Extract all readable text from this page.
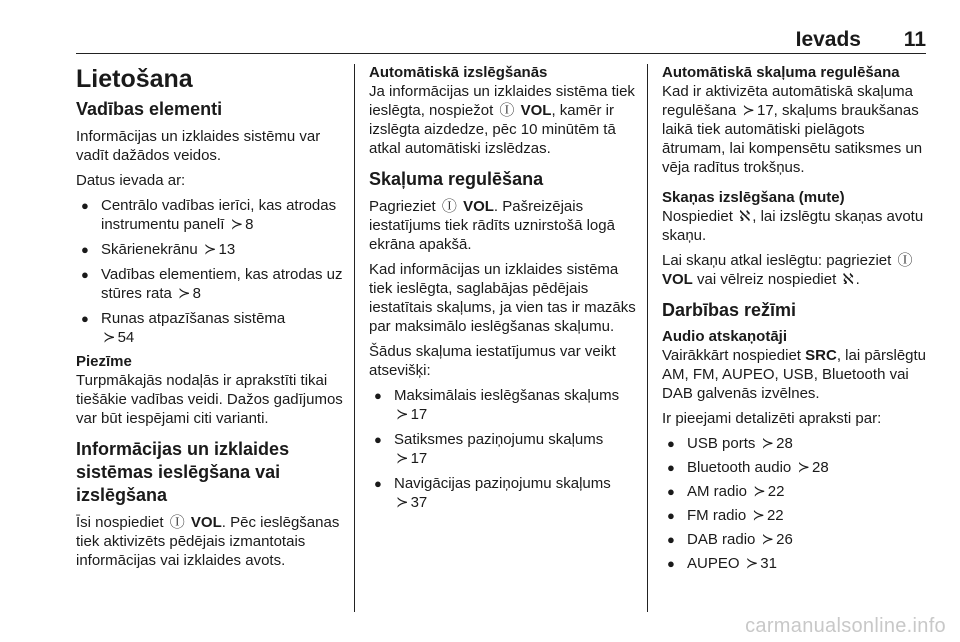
Ievads 11
Lietošana
Vadības elementi

Informācijas un izklaides sistēmu var vadīt dažādos veidos.

Datus ievada ar:

● Centrālo vadības ierīci, kas atrodas instrumentu panelī ≻ 8
● Skārienekrānu ≻ 13
● Vadības elementiem, kas atrodas uz stūres rata ≻ 8
● Runas atpazīšanas sistēma
≻ 54
Piezīme
Turpmākajās nodaļās ir aprakstīti tikai tiešākie vadības veidi. Dažos gadījumos var būt iespējami citi varianti.
Informācijas un izklaides sistēmas ieslēgšana vai izslēgšana

Īsi nospiediet Ⓘ VOL. Pēc ieslēgšanas tiek aktivizēts pēdējais izmantotais informācijas vai izklaides avots.

Automātiskā izslēgšanās

Ja informācijas un izklaides sistēma tiek ieslēgta, nospiežot Ⓘ VOL, kamēr ir izslēgta aizdedze, pēc 10 minūtēm tā atkal automātiski izslēdzas.

Skaļuma regulēšana

Pagrieziet Ⓘ VOL. Pašreizējais iestatījums tiek rādīts uznirstošā logā ekrāna apakšā.

Kad informācijas un izklaides sistēma tiek ieslēgta, saglabājas pēdējais iestatītais skaļums, ja vien tas ir mazāks par maksimālo ieslēgšanas skaļumu.

Šādus skaļuma iestatījumus var veikt atsevišķi:

● Maksimālais ieslēgšanas skaļums ≻ 17
● Satiksmes paziņojumu skaļums
≻ 17
● Navigācijas paziņojumu skaļums
≻ 37
Automātiskā skaļuma regulēšana

Kad ir aktivizēta automātiskā skaļuma regulēšana ≻ 17, skaļums braukšanas laikā tiek automātiski pielāgots ātrumam, lai kompensētu satiksmes un vēja radītus trokšņus.

Skaņas izslēgšana (mute)

Nospiediet ℵ , lai izslēgtu skaņas avotu skaņu.

Lai skaņu atkal ieslēgtu: pagrieziet Ⓘ VOL vai vēlreiz nospiediet ℵ .

Darbības režīmi
Audio atskaņotāji

Vairākkārt nospiediet SRC, lai pārslēgtu AM, FM, AUPEO, USB, Bluetooth vai DAB galvenās izvēlnes.

Ir pieejami detalizēti apraksti par:

● USB ports ≻ 28
● Bluetooth audio ≻ 28
● AM radio ≻ 22
● FM radio ≻ 22
● DAB radio ≻ 26
● AUPEO ≻ 31
carmanualsonline.info
